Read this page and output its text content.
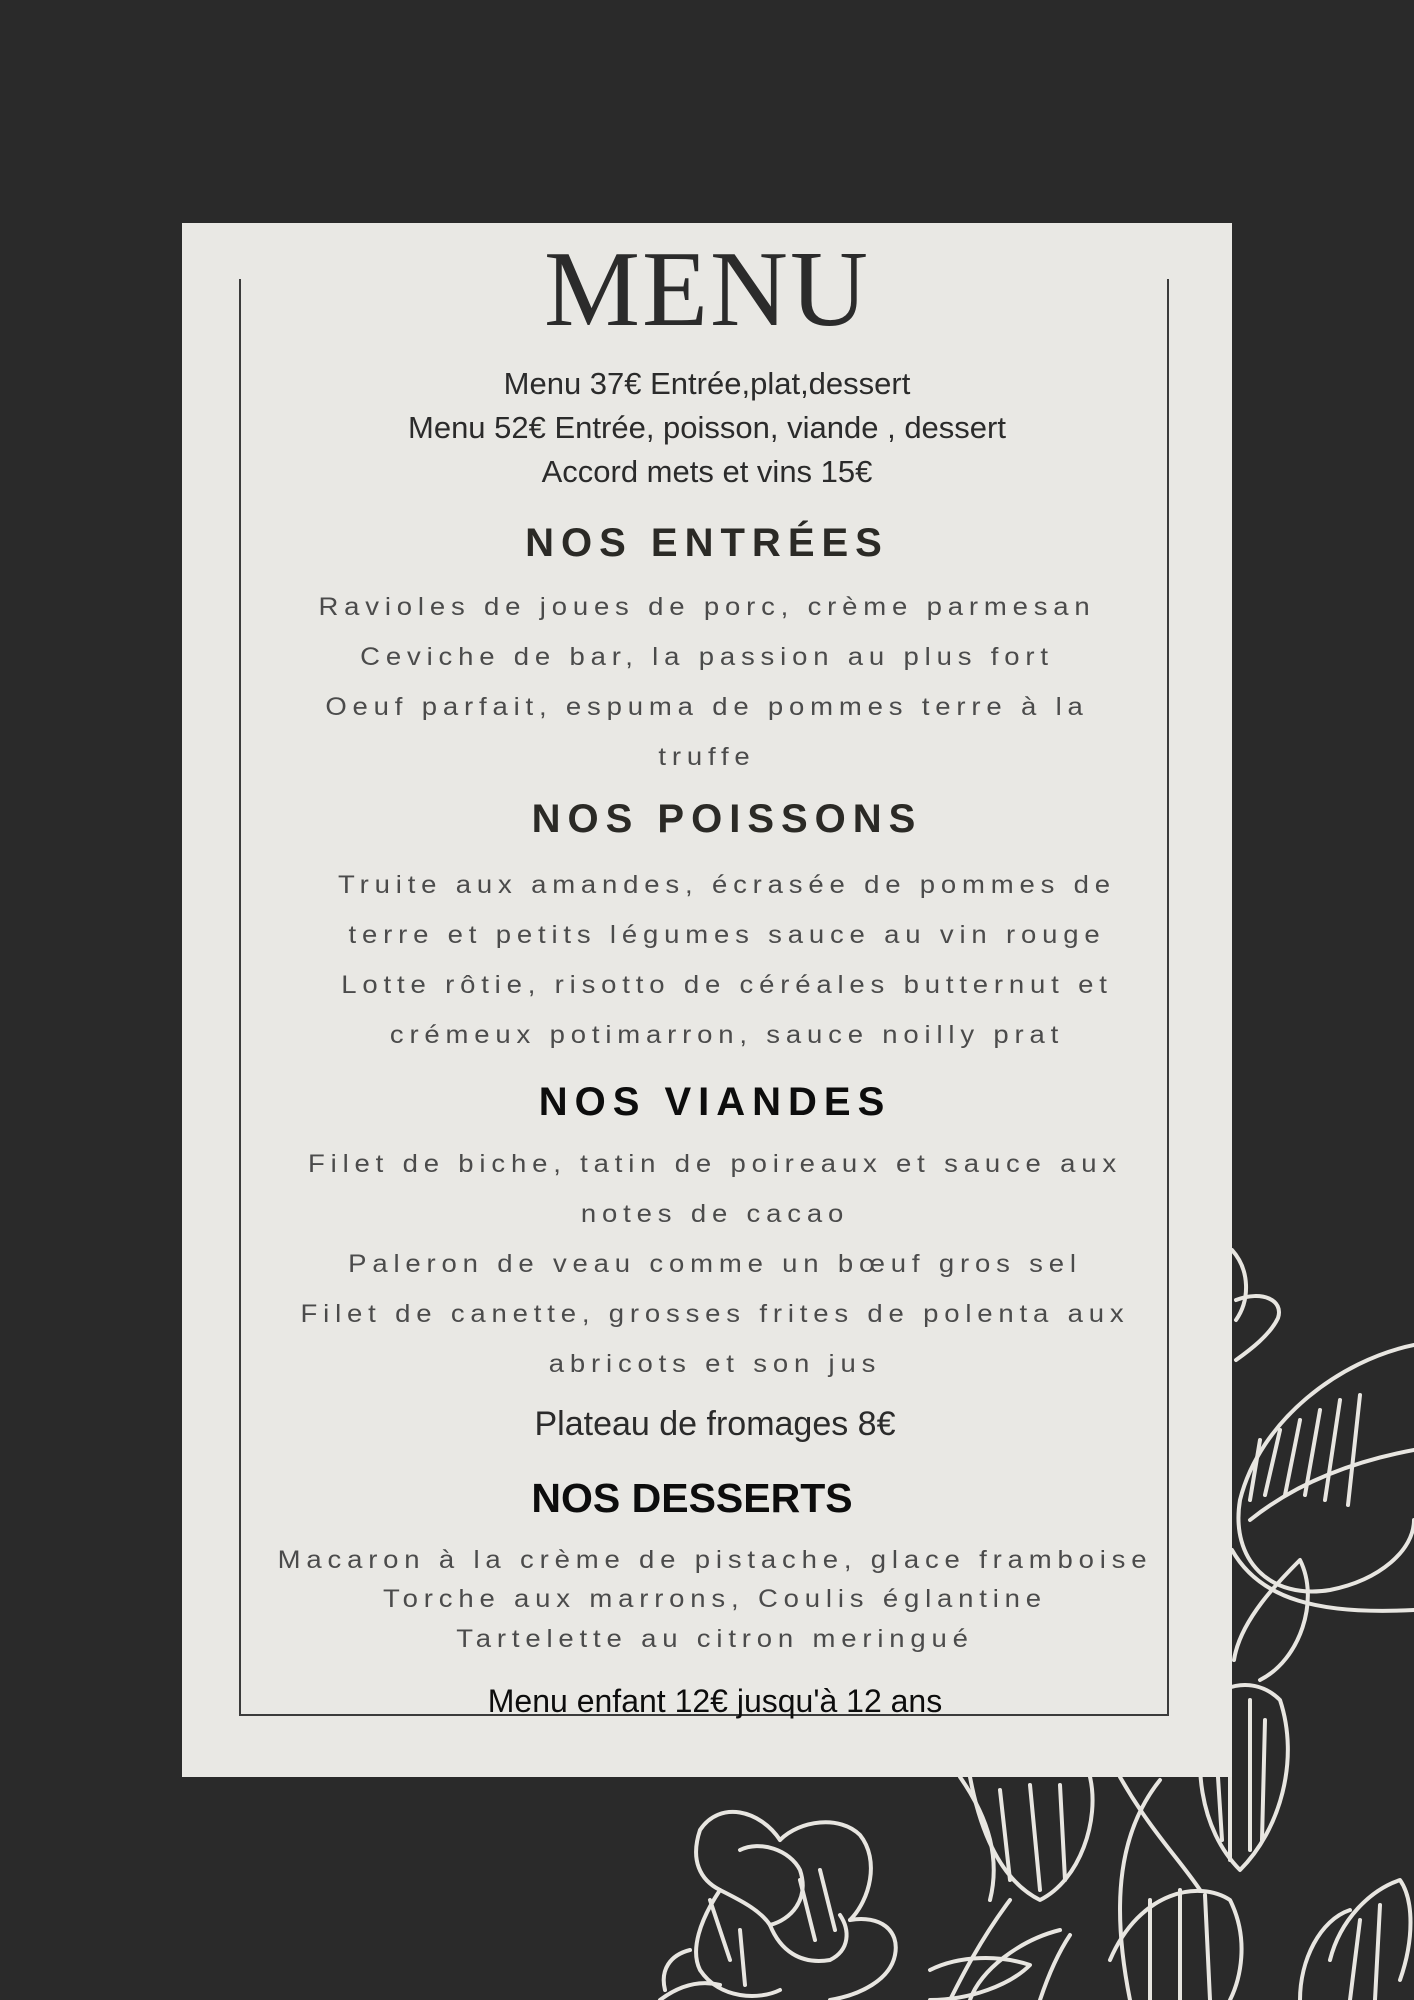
MENU
Menu 37€ Entrée,plat,dessert
Menu 52€ Entrée, poisson, viande , dessert
Accord mets et vins 15€
NOS ENTRÉES
Ravioles de joues de porc, crème parmesan
Ceviche de bar, la passion au plus fort
Oeuf parfait, espuma de pommes terre à la
truffe
NOS POISSONS
Truite aux amandes, écrasée de pommes de
terre et petits légumes sauce au vin rouge
Lotte rôtie, risotto de céréales butternut et
crémeux potimarron, sauce noilly prat
NOS VIANDES
Filet de biche, tatin de poireaux et sauce aux
notes de cacao
Paleron de veau comme un bœuf gros sel
Filet de canette, grosses frites de polenta aux
abricots et son jus
Plateau de fromages 8€
NOS DESSERTS
Macaron à la crème de pistache, glace framboise
Torche aux marrons, Coulis églantine
Tartelette au citron meringué
Menu enfant 12€ jusqu'à 12 ans
